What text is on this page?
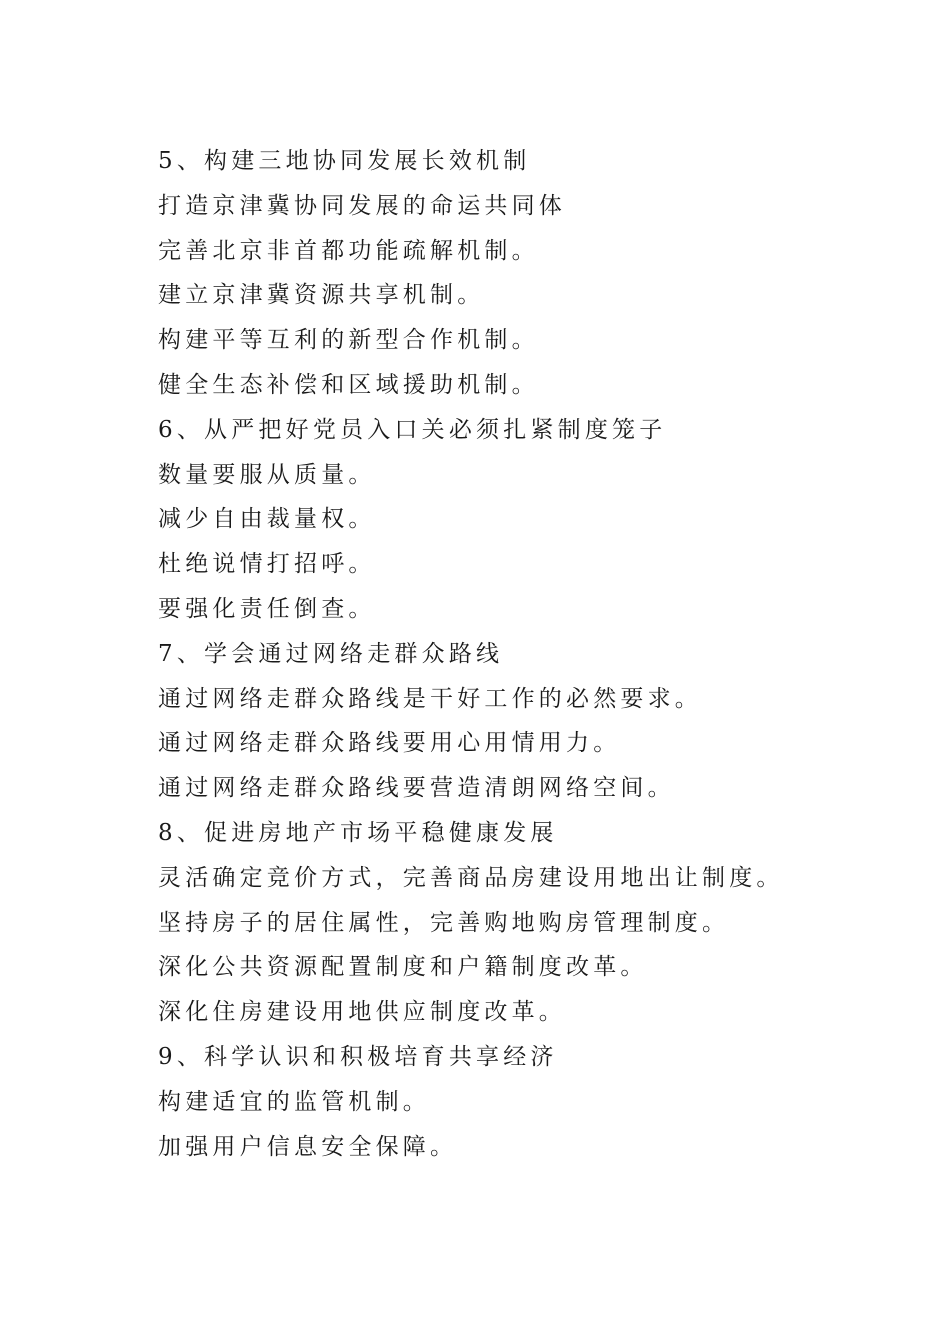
5、构建三地协同发展长效机制
打造京津冀协同发展的命运共同体
完善北京非首都功能疏解机制。
建立京津冀资源共享机制。
构建平等互利的新型合作机制。
健全生态补偿和区域援助机制。
6、从严把好党员入口关必须扎紧制度笼子
数量要服从质量。
减少自由裁量权。
杜绝说情打招呼。
要强化责任倒查。
7、学会通过网络走群众路线
通过网络走群众路线是干好工作的必然要求。
通过网络走群众路线要用心用情用力。
通过网络走群众路线要营造清朗网络空间。
8、促进房地产市场平稳健康发展
灵活确定竞价方式，完善商品房建设用地出让制度。
坚持房子的居住属性，完善购地购房管理制度。
深化公共资源配置制度和户籍制度改革。
深化住房建设用地供应制度改革。
9、科学认识和积极培育共享经济
构建适宜的监管机制。
加强用户信息安全保障。
